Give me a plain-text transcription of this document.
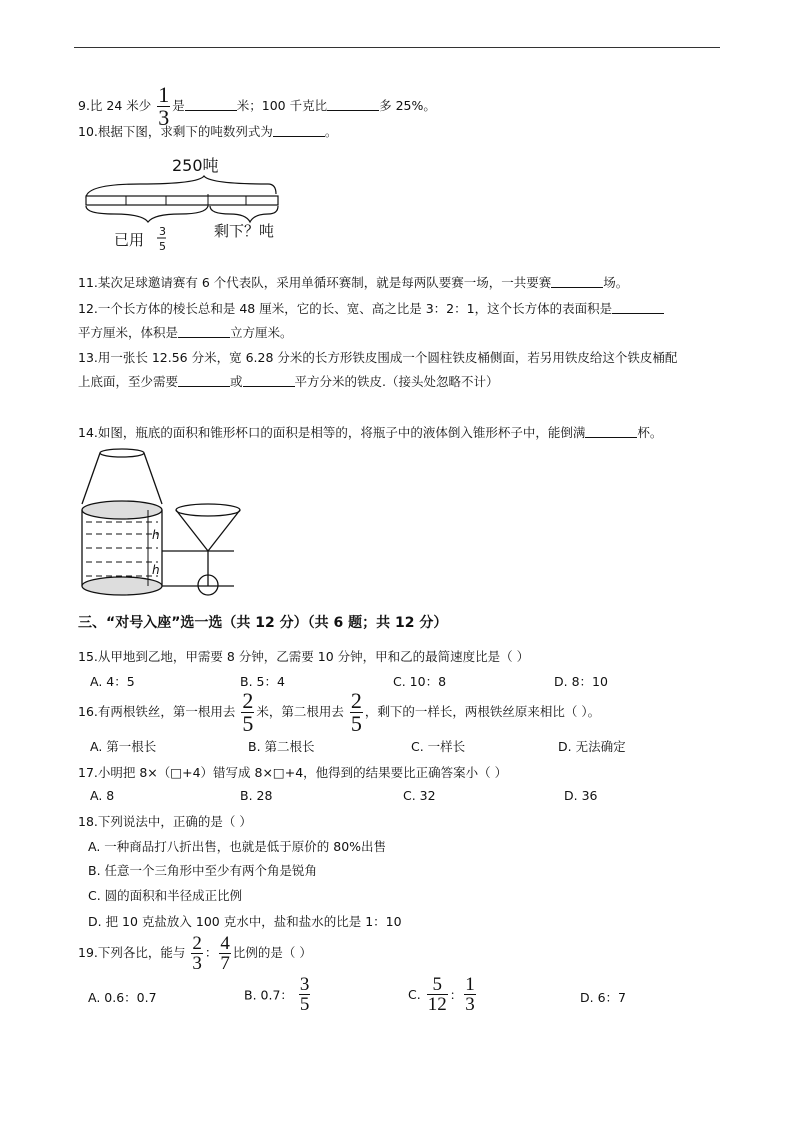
9.比 24 米少 $\frac{1}{3}$ 是	米；100 千克比	多 25%。
10.根据下图，求剩下的吨数列式为	。
250吨
已用 3
5
剩下？吨
11.某次足球邀请赛有 6 个代表队，采用单循环赛制，就是每两队要赛一场，一共要赛	场。
12.一个长方体的棱长总和是 48 厘米，它的长、宽、高之比是 3：2：1，这个长方体的表面积是
平方厘米，体积是	立方厘米。
13.用一张长 12.56 分米，宽 6.28 分米的长方形铁皮围成一个圆柱铁皮桶侧面，若另用铁皮给这个铁皮桶配
上底面，至少需要	或	平方分米的铁皮.（接头处忽略不计）
14.如图，瓶底的面积和锥形杯口的面积是相等的，将瓶子中的液体倒入锥形杯子中，能倒满	杯。
h
h
三、“对号入座”选一选（共 12 分）（共 6 题；共 12 分）
15.从甲地到乙地，甲需要 8 分钟，乙需要 10 分钟，甲和乙的最简速度比是（ ）
A. 4：5	B. 5：4	C. 10：8	D. 8：10
16.有两根铁丝，第一根用去 $\frac{2}{5}$ 米，第二根用去 $\frac{2}{5}$ ，剩下的一样长，两根铁丝原来相比（ ）。
A. 第一根长	B. 第二根长	C. 一样长	D. 无法确定
17.小明把 8×（□+4）错写成 8×□+4，他得到的结果要比正确答案小（ ）
A. 8	B. 28	C. 32	D. 36
18.下列说法中，正确的是（ ）
A. 一种商品打八折出售，也就是低于原价的 80%出售
B. 任意一个三角形中至少有两个角是锐角
C. 圆的面积和半径成正比例
D. 把 10 克盐放入 100 克水中，盐和盐水的比是 1：10
19.下列各比，能与 $\frac{2}{3}$ ： $\frac{4}{7}$ 比例的是（ ）
A. 0.6：0.7	B. 0.7： $\frac{3}{5}$	C. $\frac{5}{12}$ ： $\frac{1}{3}$	D. 6：7
